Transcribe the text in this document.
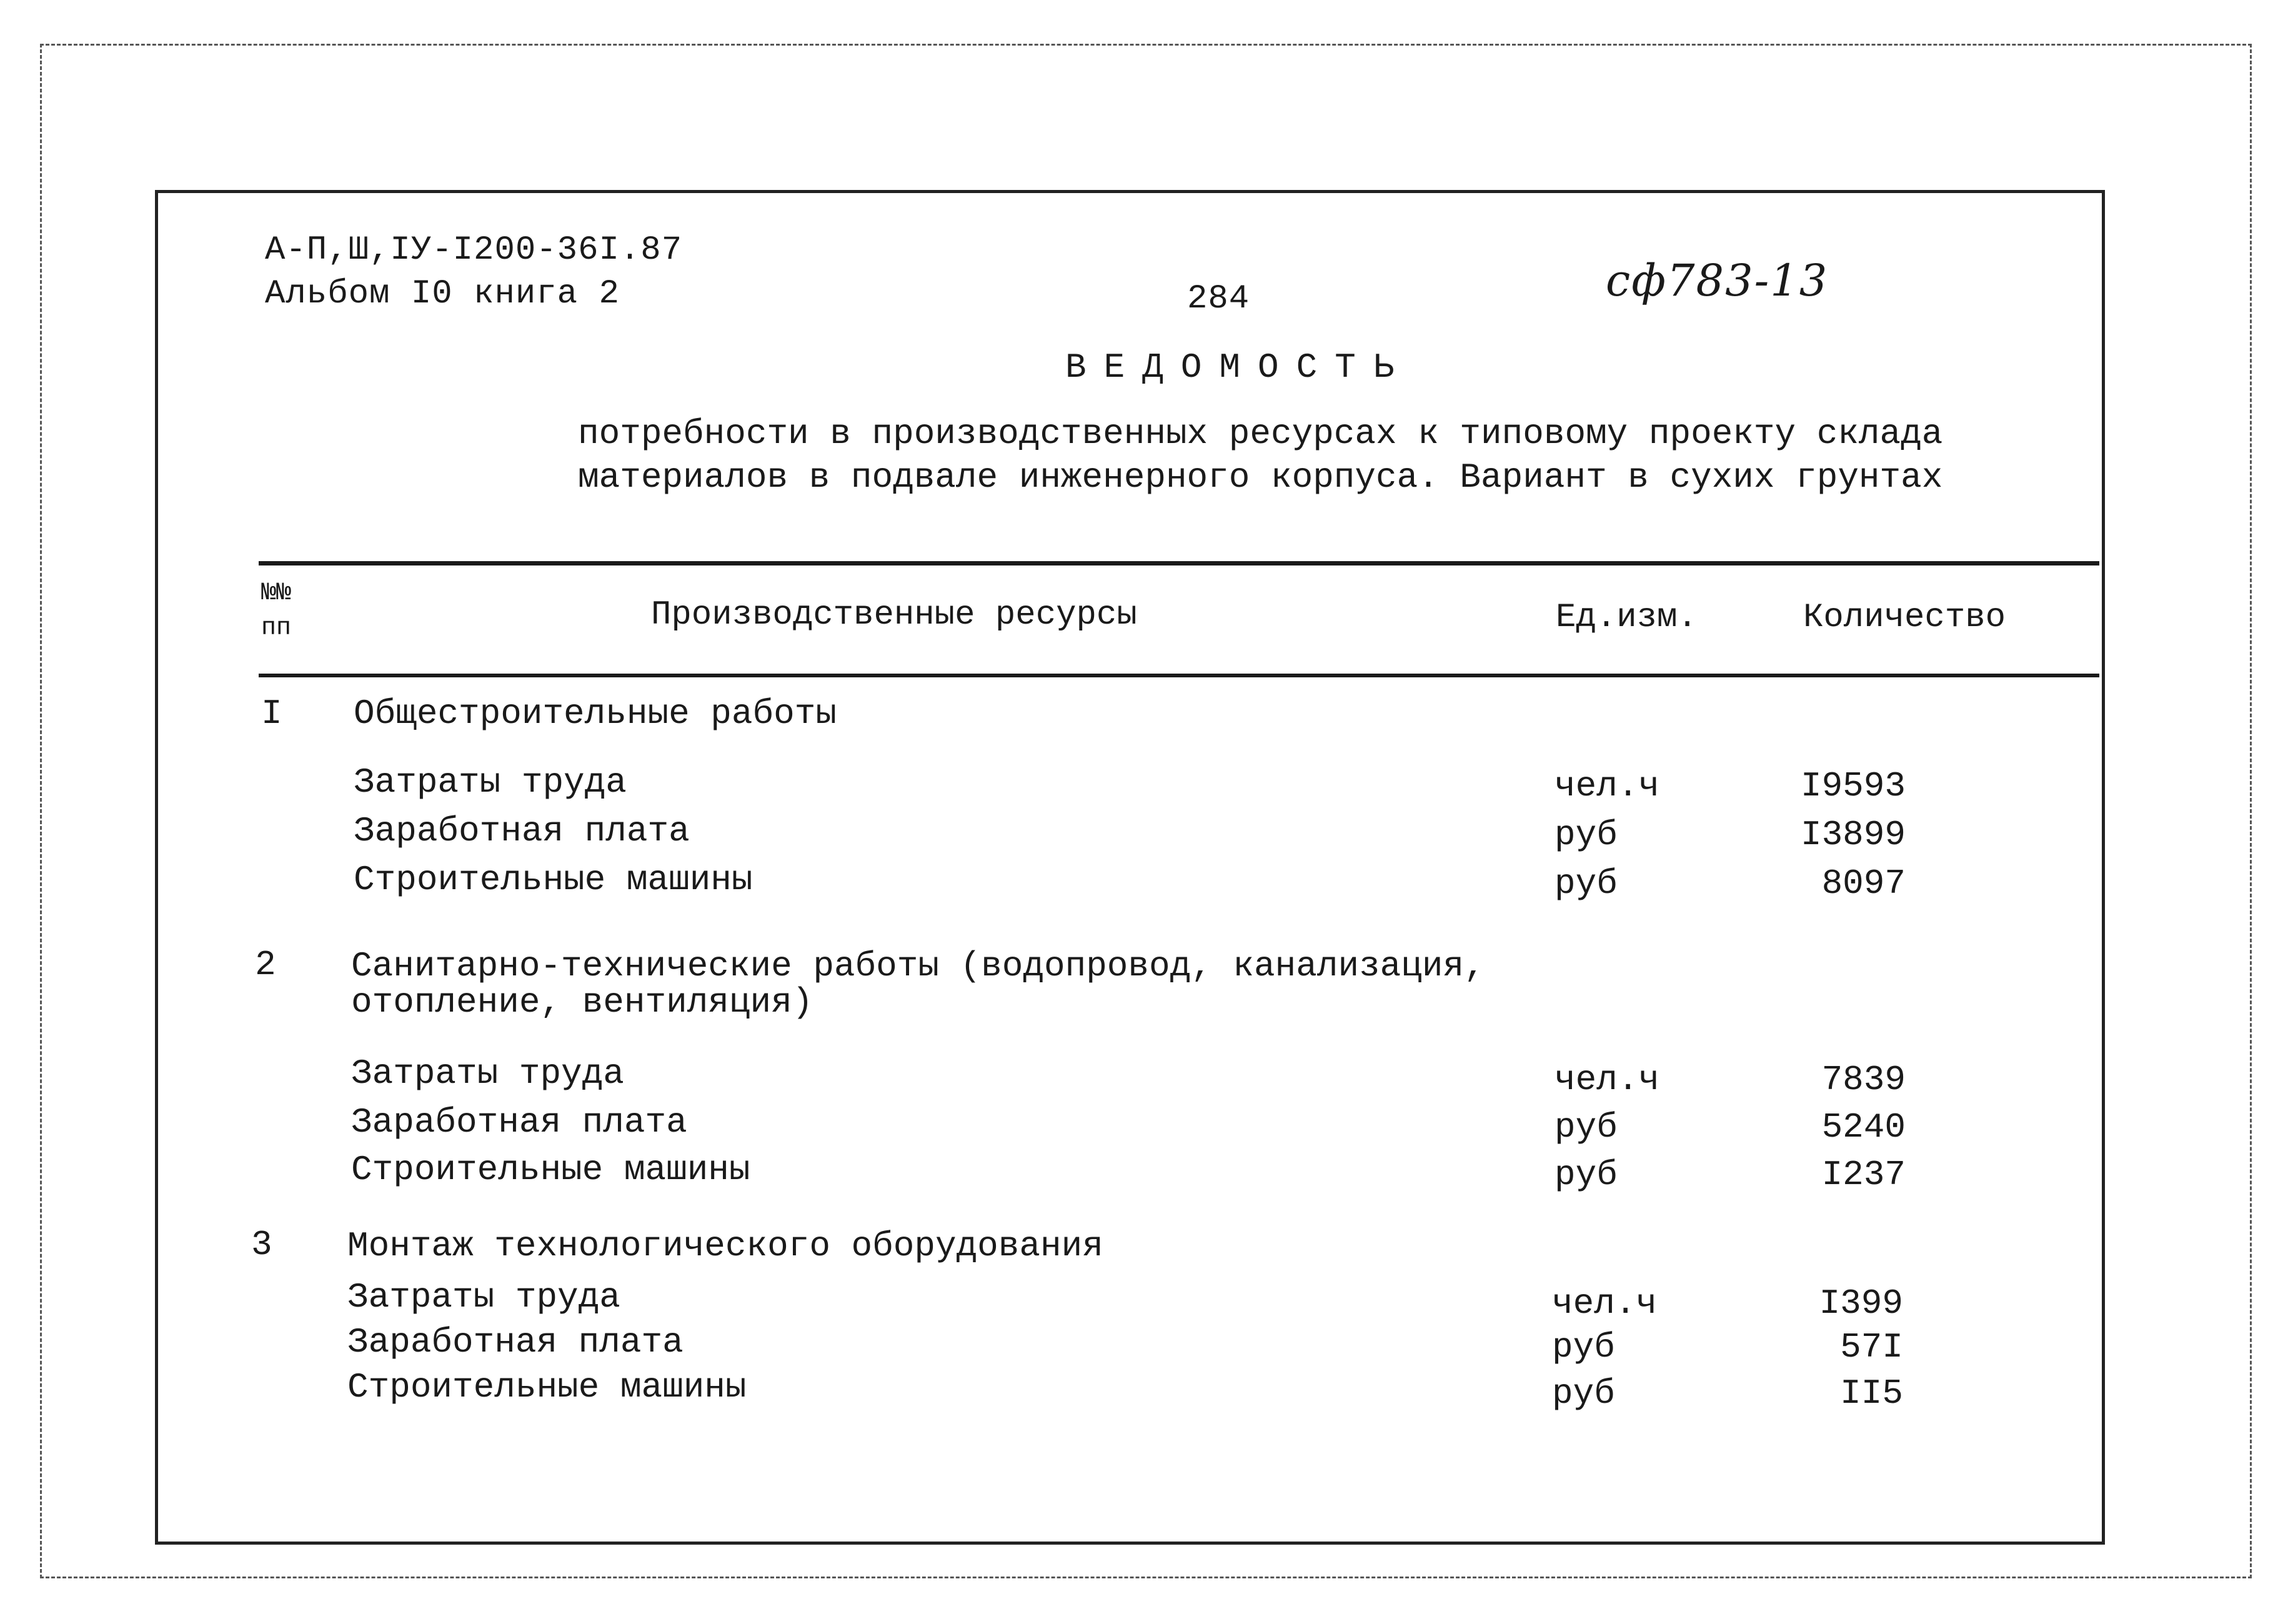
А-П,Ш,ІУ-І200-36І.87
Альбом І0 книга 2	284	сф783-13
ВЕДОМОСТЬ
потребности в производственных ресурсах к типовому проекту склада
материалов в подвале инженерного корпуса. Вариант в сухих грунтах
№№
пп	Производственные ресурсы	Ед.изм.	Количество
І Общестроительные работы
Затраты труда	чел.ч	І9593
Заработная плата	руб	І3899
Строительные машины	руб	8097
2 Санитарно-технические работы (водопровод, канализация,
отопление, вентиляция)
Затраты труда	чел.ч	7839
Заработная плата	руб	5240
Строительные машины	руб	І237
3 Монтаж технологического оборудования
Затраты труда	чел.ч	І399
Заработная плата	руб	57І
Строительные машины	руб	ІІ5
